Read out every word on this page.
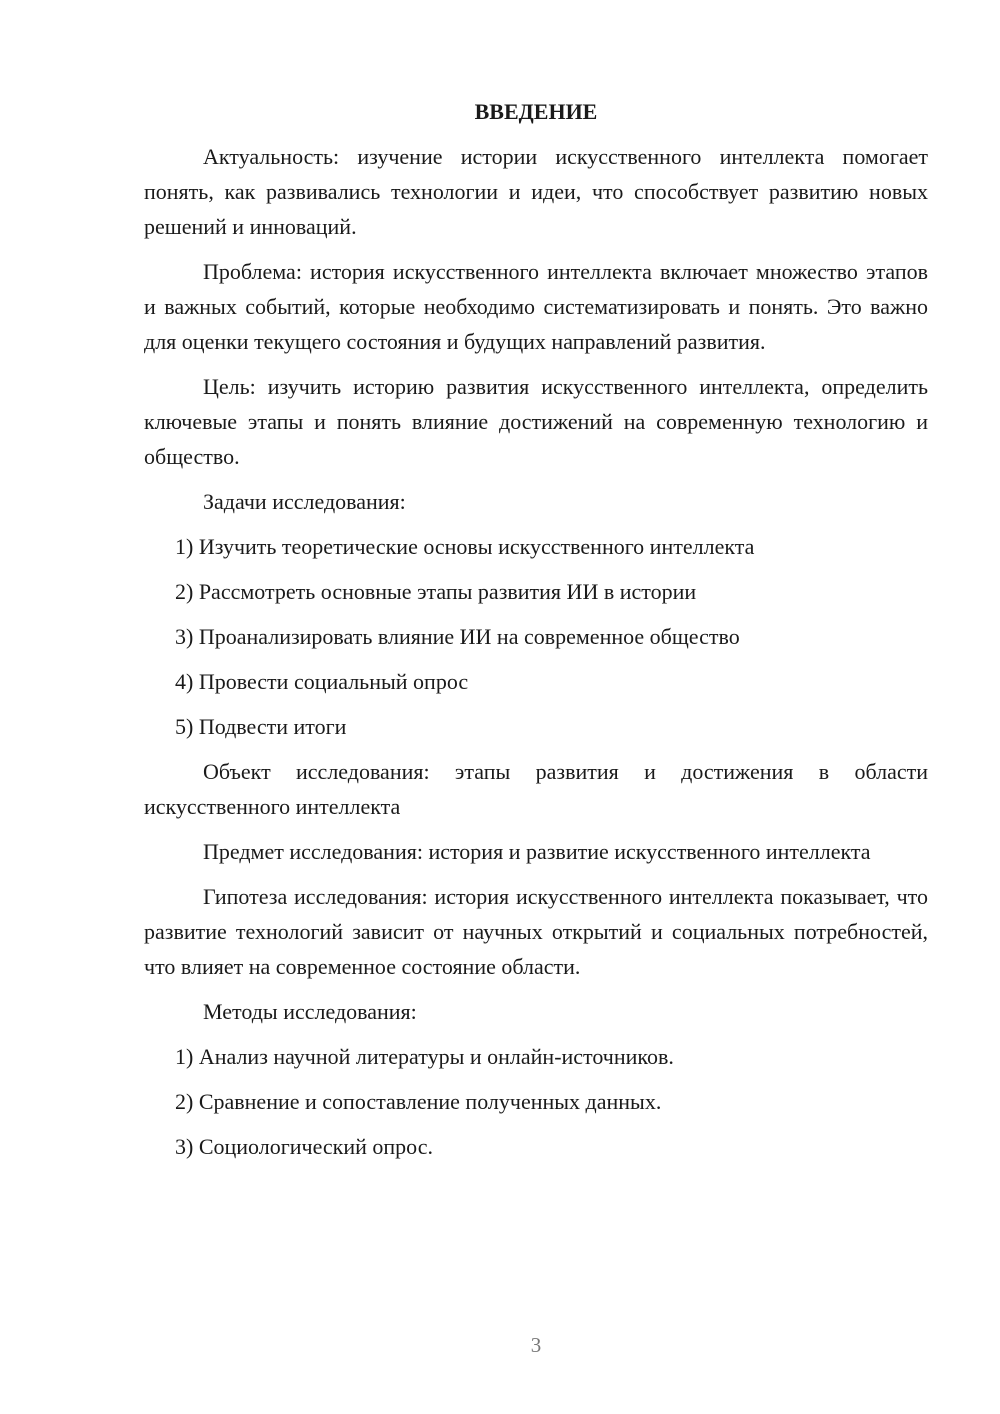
ВВЕДЕНИЕ

Актуальность: изучение истории искусственного интеллекта помогает понять, как развивались технологии и идеи, что способствует развитию новых решений и инноваций.

Проблема: история искусственного интеллекта включает множество этапов и важных событий, которые необходимо систематизировать и понять. Это важно для оценки текущего состояния и будущих направлений развития.

Цель: изучить историю развития искусственного интеллекта, определить ключевые этапы и понять влияние достижений на современную технологию и общество.

Задачи исследования:

1) Изучить теоретические основы искусственного интеллекта
2) Рассмотреть основные этапы развития ИИ в истории
3) Проанализировать влияние ИИ на современное общество
4) Провести социальный опрос
5) Подвести итоги

Объект исследования: этапы развития и достижения в области искусственного интеллекта

Предмет исследования: история и развитие искусственного интеллекта

Гипотеза исследования: история искусственного интеллекта показывает, что развитие технологий зависит от научных открытий и социальных потребностей, что влияет на современное состояние области.

Методы исследования:

1) Анализ научной литературы и онлайн-источников.
2) Сравнение и сопоставление полученных данных.
3) Социологический опрос.
3
